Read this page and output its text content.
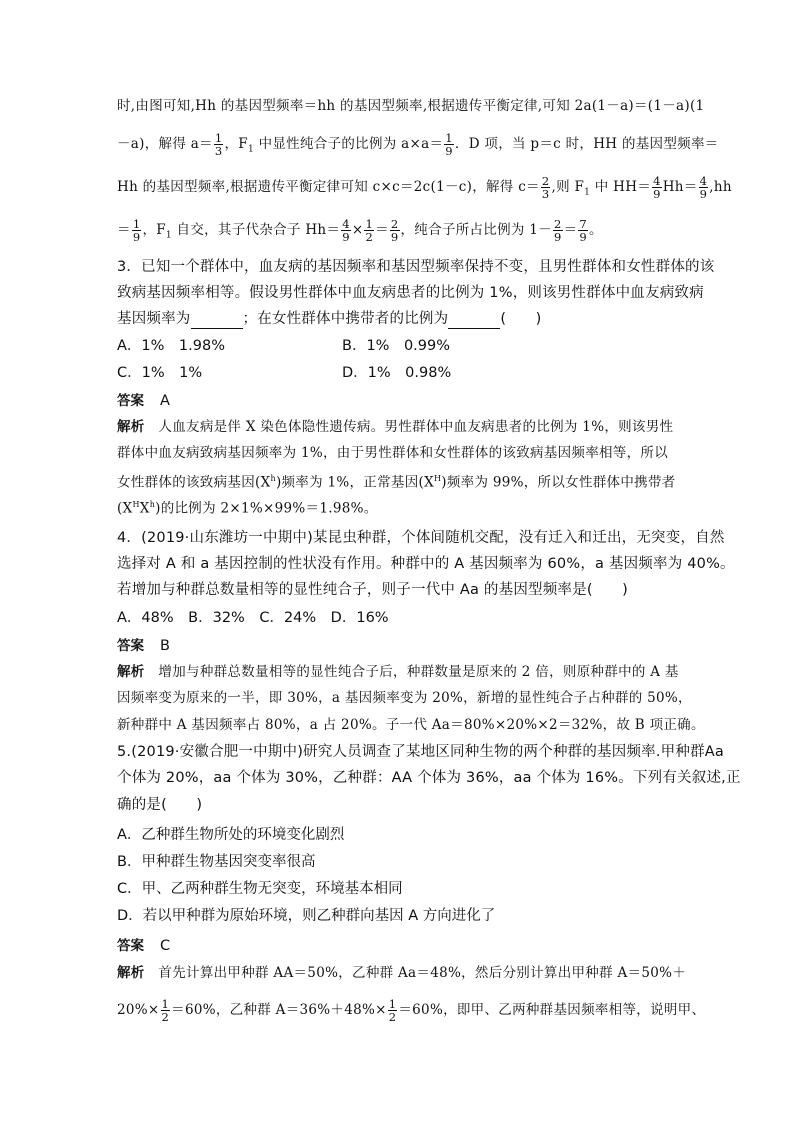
时,由图可知,Hh 的基因型频率＝hh 的基因型频率,根据遗传平衡定律,可知 2a(1－a)＝(1－a)(1
－a)，解得 $a= \frac{1}{3}$ ，$F_1$ 中显性纯合子的比例为 $a\times a= \frac{1}{9}$ ．D 项，当 p＝c 时，HH 的基因型频率＝
Hh 的基因型频率,根据遗传平衡定律可知 c×c＝2c(1－c)，解得 $c= \frac{2}{3}$ ,则 $F_1$ 中 $HH= \frac{4}{9} Hh= \frac{4}{9} ,hh$
＝ $\frac{1}{9}$ ，$F_1$ 自交，其子代杂合子 $Hh= \frac{4}{9} \times \frac{1}{2} = \frac{2}{9}$ ，纯合子所占比例为 $1- \frac{2}{9} = \frac{7}{9}$ 。
3．已知一个群体中，血友病的基因频率和基因型频率保持不变，且男性群体和女性群体的该
致病基因频率相等。假设男性群体中血友病患者的比例为 1%，则该男性群体中血友病致病
基因频率为	；在女性群体中携带者的比例为	(　　)
A．1%　1.98%	B．1%　0.99%
C．1%　1%	D．1%　0.98%
答案　 A
解析　 人血友病是伴 X 染色体隐性遗传病。男性群体中血友病患者的比例为 1%，则该男性
群体中血友病致病基因频率为 1%，由于男性群体和女性群体的该致病基因频率相等，所以
女性群体的该致病基因$(X^h)$频率为 1%，正常基因$(X^H)$频率为 99%，所以女性群体中携带者
$(X^HX^h)$的比例为 2×1%×99%＝1.98%。
4．(2019·山东潍坊一中期中)某昆虫种群，个体间随机交配，没有迁入和迁出，无突变，自然
选择对 A 和 a 基因控制的性状没有作用。种群中的 A 基因频率为 60%，a 基因频率为 40%。
若增加与种群总数量相等的显性纯合子，则子一代中 Aa 的基因型频率是(　　)
A．48%　B．32%　C．24%　D．16%
答案　 B
解析　 增加与种群总数量相等的显性纯合子后，种群数量是原来的 2 倍，则原种群中的 A 基
因频率变为原来的一半，即 30%，a 基因频率变为 20%，新增的显性纯合子占种群的 50%，
新种群中 A 基因频率占 80%，a 占 20%。子一代 Aa＝80%×20%×2＝32%，故 B 项正确。
5.(2019·安徽合肥一中期中)研究人员调查了某地区同种生物的两个种群的基因频率.甲种群Aa
个体为 20%，aa 个体为 30%，乙种群：AA 个体为 36%，aa 个体为 16%。下列有关叙述,正
确的是(　　)
A．乙种群生物所处的环境变化剧烈
B．甲种群生物基因突变率很高
C．甲、乙两种群生物无突变，环境基本相同
D．若以甲种群为原始环境，则乙种群向基因 A 方向进化了
答案　 C
解析　 首先计算出甲种群 AA＝50%，乙种群 Aa＝48%，然后分别计算出甲种群 A＝50%＋
$20\%\times \frac{1}{2} =60\%$，乙种群 $A=36\%+48\%\times \frac{1}{2} =60\%$，即甲、乙两种群基因频率相等，说明甲、
